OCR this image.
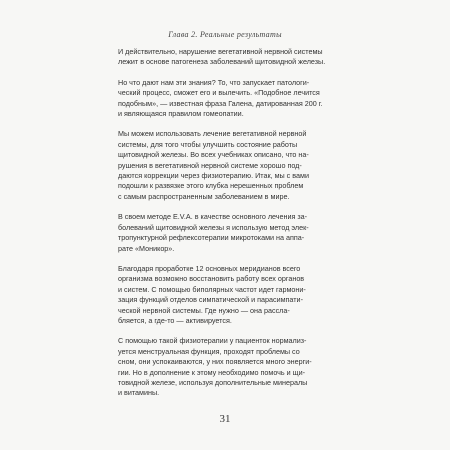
Глава 2. Реальные результаты
И действительно, нарушение вегетативной нервной системы
лежит в основе патогенеза заболеваний щитовидной железы.
Но что дают нам эти знания? То, что запускает патологи-
ческий процесс, сможет его и вылечить. «Подобное лечится
подобным», — известная фраза Галена, датированная 200 г.
и являющаяся правилом гомеопатии.
Мы можем использовать лечение вегетативной нервной
системы, для того чтобы улучшить состояние работы
щитовидной железы. Во всех учебниках описано, что на-
рушения в вегетативной нервной системе хорошо под-
даются коррекции через физиотерапию. Итак, мы с вами
подошли к развязке этого клубка нерешенных проблем
с самым распространенным заболеванием в мире.
В своем методе E.V.A. в качестве основного лечения за-
болеваний щитовидной железы я использую метод элек-
тропунктурной рефлексотерапии микротоками на аппа-
рате «Моникор».
Благодаря проработке 12 основных меридианов всего
организма возможно восстановить работу всех органов
и систем. С помощью биполярных частот идет гармони-
зация функций отделов симпатической и парасимпати-
ческой нервной системы. Где нужно — она расслa-
бляется, а где-то — активируется.
С помощью такой физиотерапии у пациенток нормализ-
уется менструальная функция, проходят проблемы со
сном, они успокаиваются, у них появляется много энерги-
гии. Но в дополнение к этому необходимо помочь и щи-
товидной железе, используя дополнительные минералы
и витамины.
31
